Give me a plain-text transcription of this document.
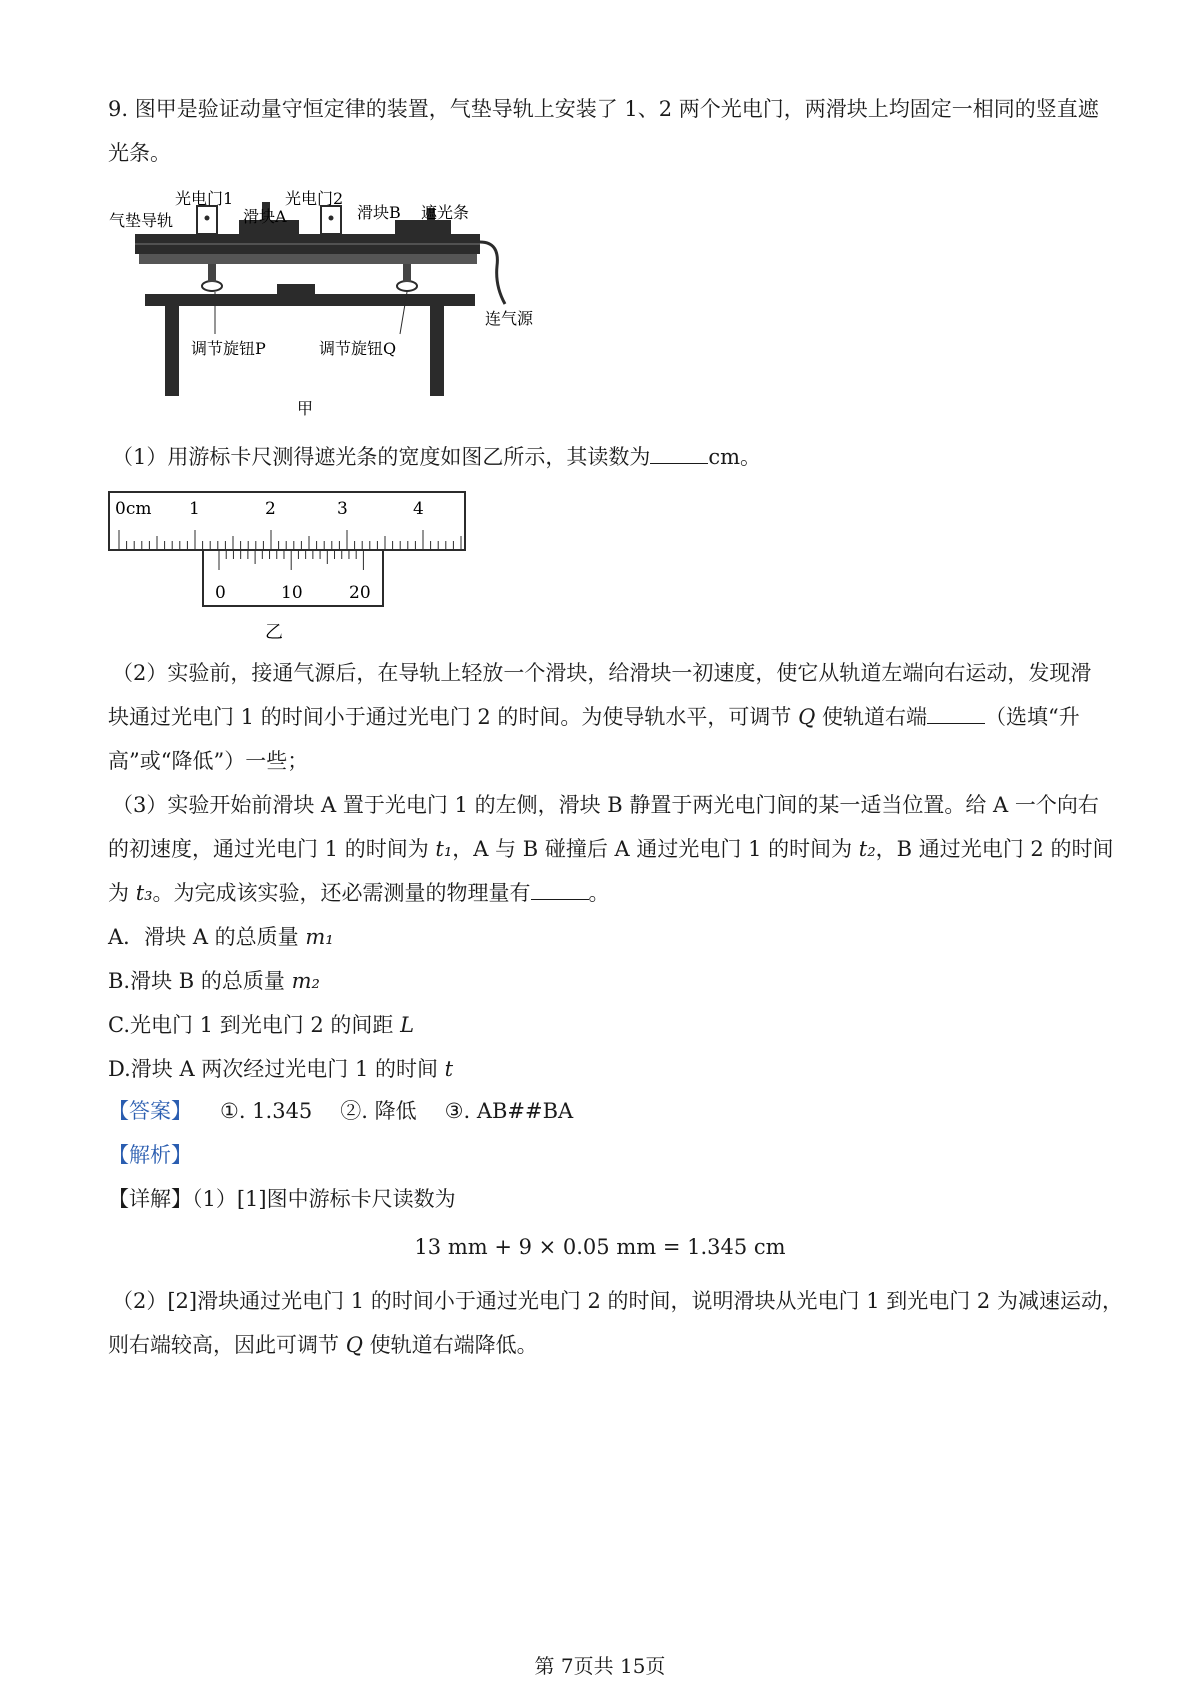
9. 图甲是验证动量守恒定律的装置，气垫导轨上安装了 1、2 两个光电门，两滑块上均固定一相同的竖直遮
光条。
光电门1	光电门2
滑块A	滑块B 遮光条
气垫导轨
连气源
调节旋钮P	调节旋钮Q
甲
（1）用游标卡尺测得遮光条的宽度如图乙所示，其读数为	cm。
0cm 1	2	3	4
0	10	20
乙
（2）实验前，接通气源后，在导轨上轻放一个滑块，给滑块一初速度，使它从轨道左端向右运动，发现滑
块通过光电门 1 的时间小于通过光电门 2 的时间。为使导轨水平，可调节 Q 使轨道右端	（选填“升
高”或“降低”）一些；
（3）实验开始前滑块 A 置于光电门 1 的左侧，滑块 B 静置于两光电门间的某一适当位置。给 A 一个向右
的初速度，通过光电门 1 的时间为 t₁，A 与 B 碰撞后 A 通过光电门 1 的时间为 t₂，B 通过光电门 2 的时间
为 t₃。为完成该实验，还必需测量的物理量有	。
A．滑块 A 的总质量 m₁
B.滑块 B 的总质量 m₂
C.光电门 1 到光电门 2 的间距 L
D.滑块 A 两次经过光电门 1 的时间 t
【答案】 ①. 1.345 ②. 降低 ③. AB##BA
【解析】
【详解】（1）[1]图中游标卡尺读数为
13 mm + 9 × 0.05 mm = 1.345 cm
（2）[2]滑块通过光电门 1 的时间小于通过光电门 2 的时间，说明滑块从光电门 1 到光电门 2 为减速运动，
则右端较高，因此可调节 Q 使轨道右端降低。
第 7页共 15页
